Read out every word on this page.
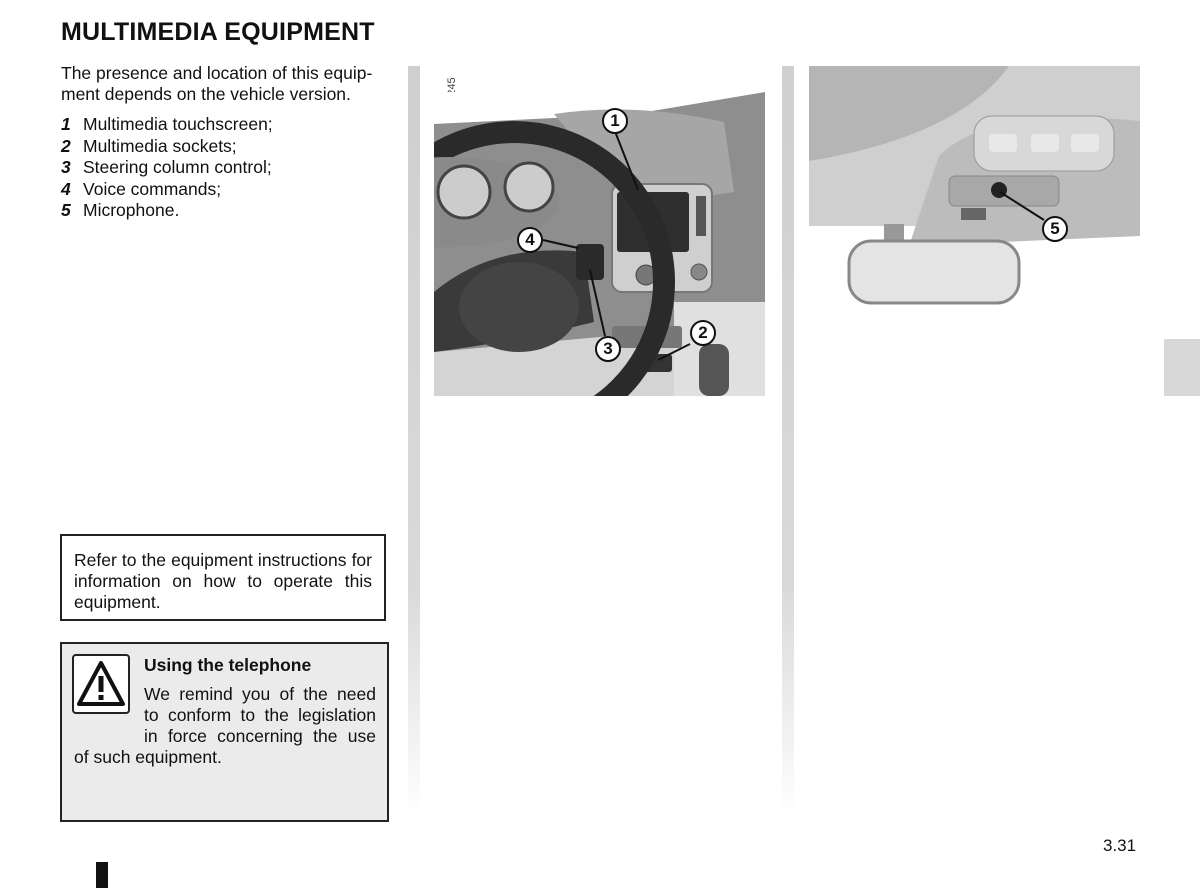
MULTIMEDIA EQUIPMENT

The presence and location of this equip-

ment depends on the vehicle version.

1 Multimedia touchscreen;
2 Multimedia sockets;
3 Steering column control;
4 Voice commands;
5 Microphone.
Refer to the equipment instructions for information on how to operate this equipment.
Using the telephone
We remind you of the need
to conform to the legislation
in force concerning the use
of such equipment.
1
2
3
4
5
3.31
